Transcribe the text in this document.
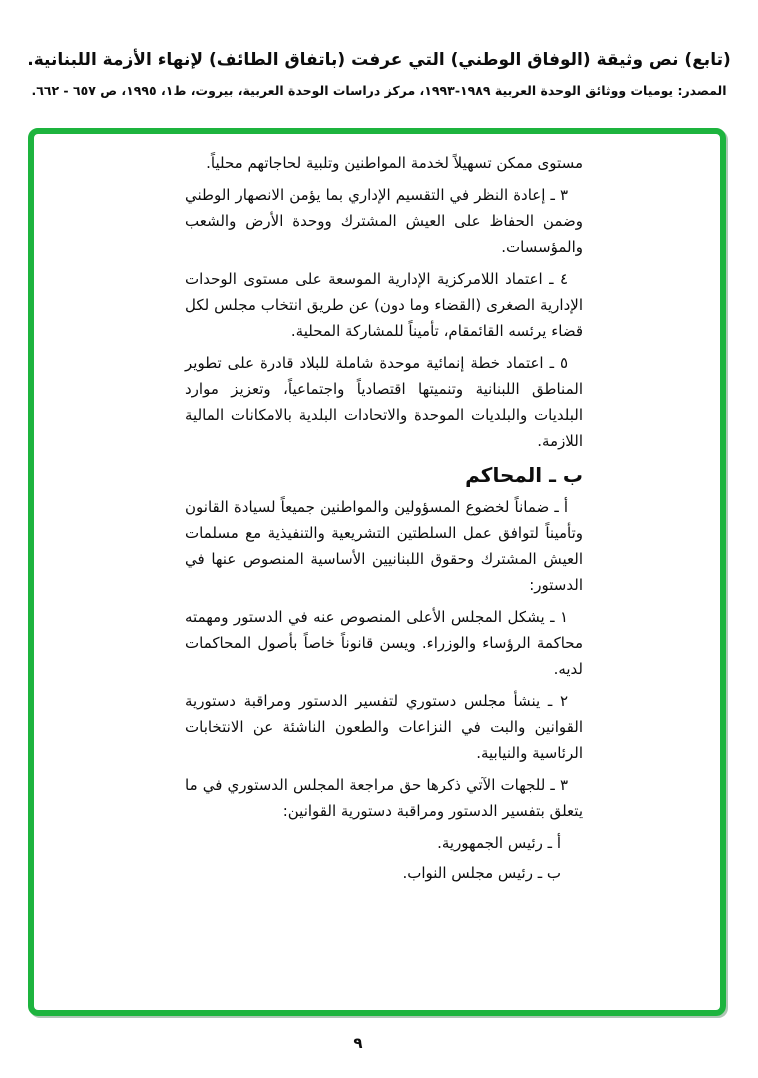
(تابع) نص وثيقة (الوفاق الوطني) التي عرفت (باتفاق الطائف) لإنهاء الأزمة اللبنانية.
المصدر: يوميات ووثائق الوحدة العربية ١٩٨٩-١٩٩٣، مركز دراسات الوحدة العربية، بيروت، ط١، ١٩٩٥، ص ٦٥٧ - ٦٦٢.

مستوى ممكن تسهيلاً لخدمة المواطنين وتلبية لحاجاتهم محلياً.

٣ ـ إعادة النظر في التقسيم الإداري بما يؤمن الانصهار الوطني وضمن الحفاظ على العيش المشترك ووحدة الأرض والشعب والمؤسسات.

٤ ـ اعتماد اللامركزية الإدارية الموسعة على مستوى الوحدات الإدارية الصغرى (القضاء وما دون) عن طريق انتخاب مجلس لكل قضاء يرئسه القائمقام، تأميناً للمشاركة المحلية.

٥ ـ اعتماد خطة إنمائية موحدة شاملة للبلاد قادرة على تطوير المناطق اللبنانية وتنميتها اقتصادياً واجتماعياً، وتعزيز موارد البلديات والبلديات الموحدة والاتحادات البلدية بالامكانات المالية اللازمة.

ب ـ المحاكم

أ ـ ضماناً لخضوع المسؤولين والمواطنين جميعاً لسيادة القانون وتأميناً لتوافق عمل السلطتين التشريعية والتنفيذية مع مسلمات العيش المشترك وحقوق اللبنانيين الأساسية المنصوص عنها في الدستور:

١ ـ يشكل المجلس الأعلى المنصوص عنه في الدستور ومهمته محاكمة الرؤساء والوزراء. ويسن قانوناً خاصاً بأصول المحاكمات لديه.

٢ ـ ينشأ مجلس دستوري لتفسير الدستور ومراقبة دستورية القوانين والبت في النزاعات والطعون الناشئة عن الانتخابات الرئاسية والنيابية.

٣ ـ للجهات الآتي ذكرها حق مراجعة المجلس الدستوري في ما يتعلق بتفسير الدستور ومراقبة دستورية القوانين:

أ ـ رئيس الجمهورية.

ب ـ رئيس مجلس النواب.

٩
